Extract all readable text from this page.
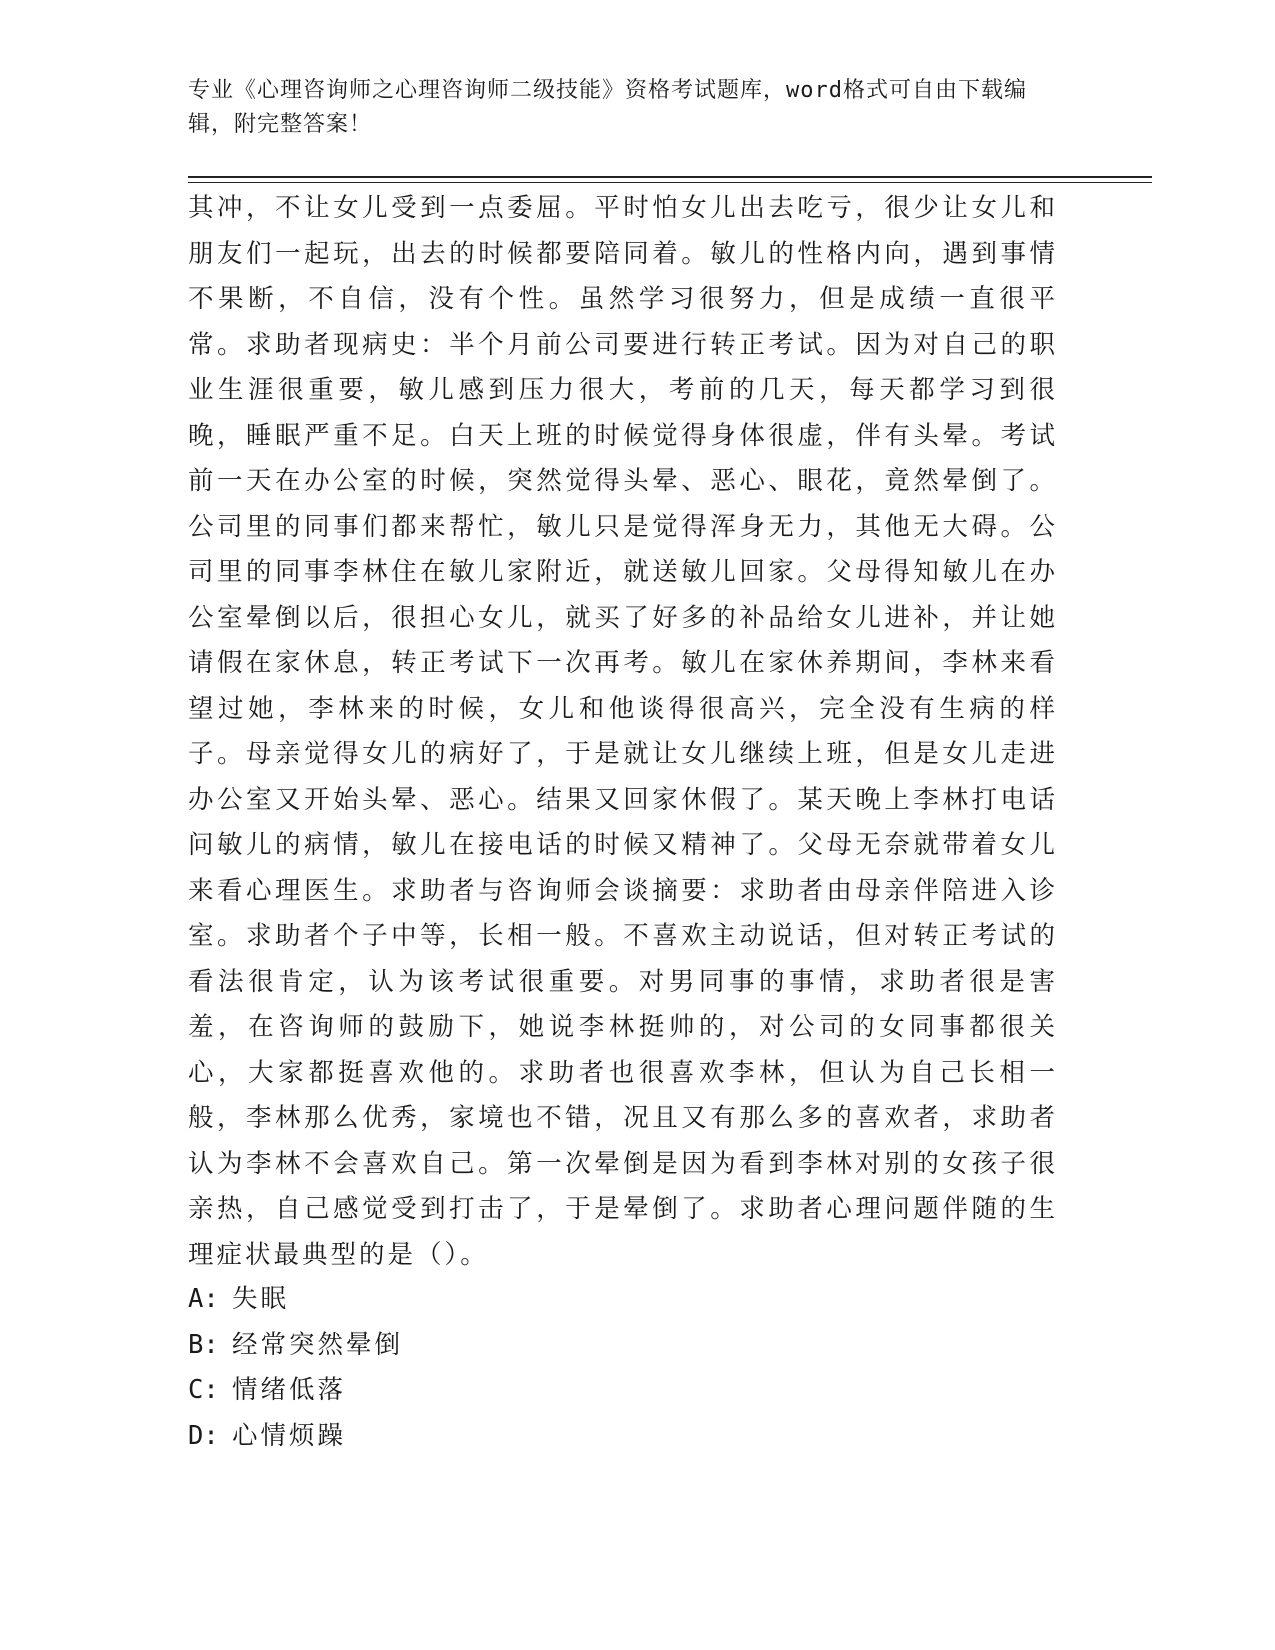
专业《心理咨询师之心理咨询师二级技能》资格考试题库，word格式可自由下载编辑，附完整答案！
其冲，不让女儿受到一点委屈。平时怕女儿出去吃亏，很少让女儿和朋友们一起玩，出去的时候都要陪同着。敏儿的性格内向，遇到事情不果断，不自信，没有个性。虽然学习很努力，但是成绩一直很平常。求助者现病史：半个月前公司要进行转正考试。因为对自己的职业生涯很重要，敏儿感到压力很大，考前的几天，每天都学习到很晚，睡眠严重不足。白天上班的时候觉得身体很虚，伴有头晕。考试前一天在办公室的时候，突然觉得头晕、恶心、眼花，竟然晕倒了。公司里的同事们都来帮忙，敏儿只是觉得浑身无力，其他无大碍。公司里的同事李林住在敏儿家附近，就送敏儿回家。父母得知敏儿在办公室晕倒以后，很担心女儿，就买了好多的补品给女儿进补，并让她请假在家休息，转正考试下一次再考。敏儿在家休养期间，李林来看望过她，李林来的时候，女儿和他谈得很高兴，完全没有生病的样子。母亲觉得女儿的病好了，于是就让女儿继续上班，但是女儿走进办公室又开始头晕、恶心。结果又回家休假了。某天晚上李林打电话问敏儿的病情，敏儿在接电话的时候又精神了。父母无奈就带着女儿来看心理医生。求助者与咨询师会谈摘要：求助者由母亲伴陪进入诊室。求助者个子中等，长相一般。不喜欢主动说话，但对转正考试的看法很肯定，认为该考试很重要。对男同事的事情，求助者很是害羞，在咨询师的鼓励下，她说李林挺帅的，对公司的女同事都很关心，大家都挺喜欢他的。求助者也很喜欢李林，但认为自己长相一般，李林那么优秀，家境也不错，况且又有那么多的喜欢者，求助者认为李林不会喜欢自己。第一次晕倒是因为看到李林对别的女孩子很亲热，自己感觉受到打击了，于是晕倒了。求助者心理问题伴随的生理症状最典型的是（）。
A: 失眠
B: 经常突然晕倒
C: 情绪低落
D: 心情烦躁
